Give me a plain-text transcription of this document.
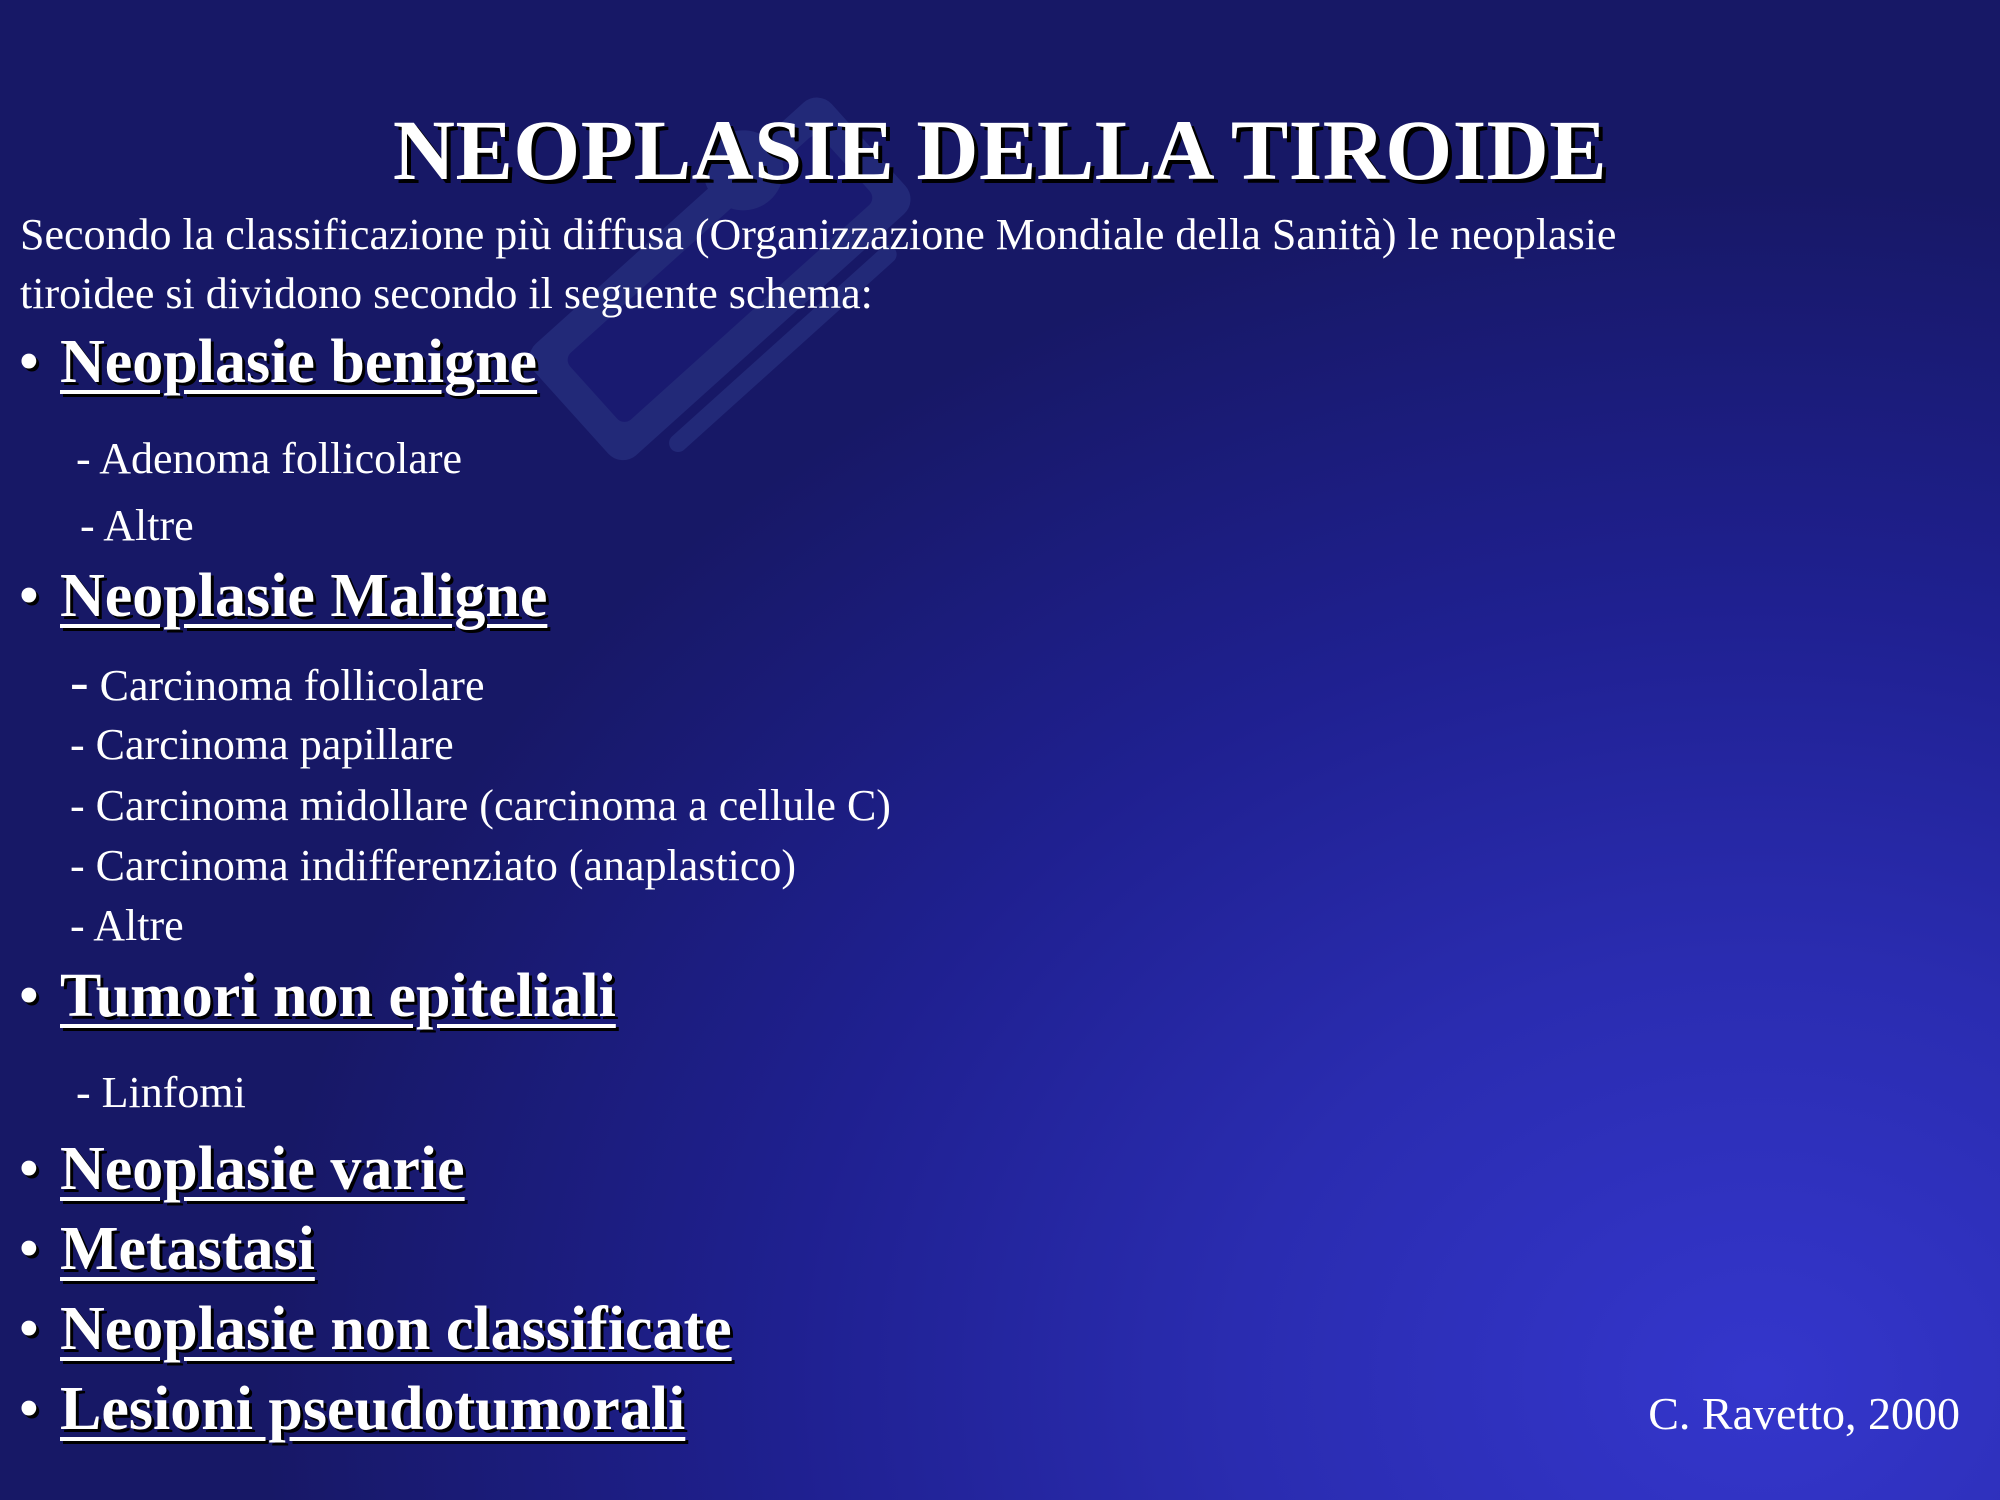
NEOPLASIE DELLA TIROIDE

Secondo la classificazione più diffusa (Organizzazione Mondiale della Sanità) le neoplasie
tiroidee si dividono secondo il seguente schema:

• Neoplasie benigne

- Adenoma follicolare

- Altre

• Neoplasie Maligne

- Carcinoma follicolare

- Carcinoma papillare

- Carcinoma midollare (carcinoma a cellule C)

- Carcinoma indifferenziato (anaplastico)

- Altre

• Tumori non epiteliali

- Linfomi

• Neoplasie varie

• Metastasi

• Neoplasie non classificate

• Lesioni pseudotumorali	C. Ravetto, 2000
